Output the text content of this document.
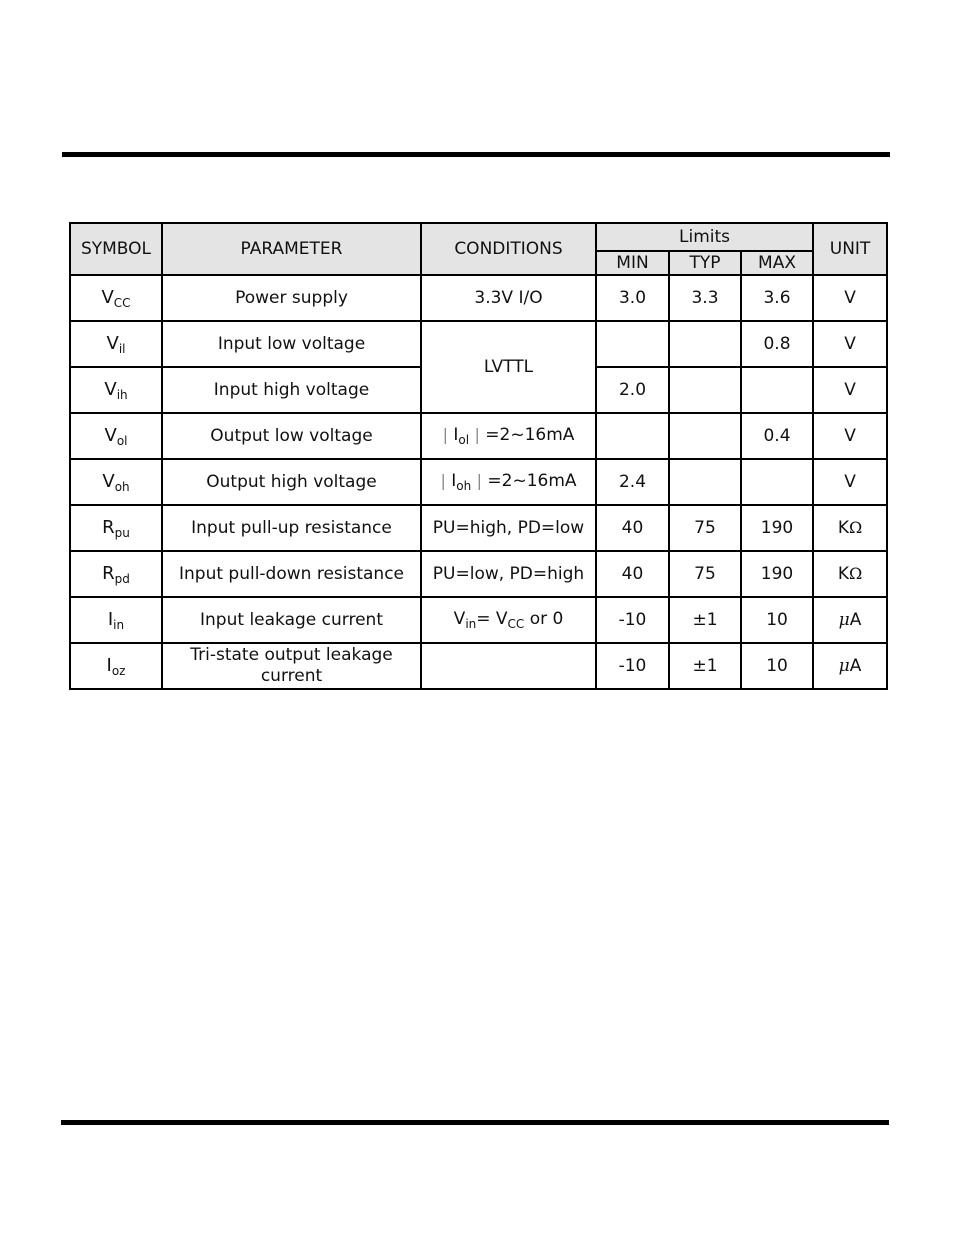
SYMBOL	PARAMETER	CONDITIONS	Limits			UNIT
			MIN	TYP	MAX	
$V_{CC}$	Power supply	3.3V I/O	3.0	3.3	3.6	V
$V_{il}$	Input low voltage	LVTTL			0.8	V
$V_{ih}$	Input high voltage		2.0			V
$V_{ol}$	Output low voltage	| $I_{ol}$ | =2~16mA			0.4	V
$V_{oh}$	Output high voltage	| $I_{oh}$ | =2~16mA	2.4			V
$R_{pu}$	Input pull-up resistance	PU=high, PD=low	40	75	190	KΩ
$R_{pd}$	Input pull-down resistance	PU=low, PD=high	40	75	190	KΩ
$I_{in}$	Input leakage current	$V_{in}= V_{CC}$ or 0	-10	±1	10	μA
$I_{oz}$	Tri-state output leakage current		-10	±1	10	μA
